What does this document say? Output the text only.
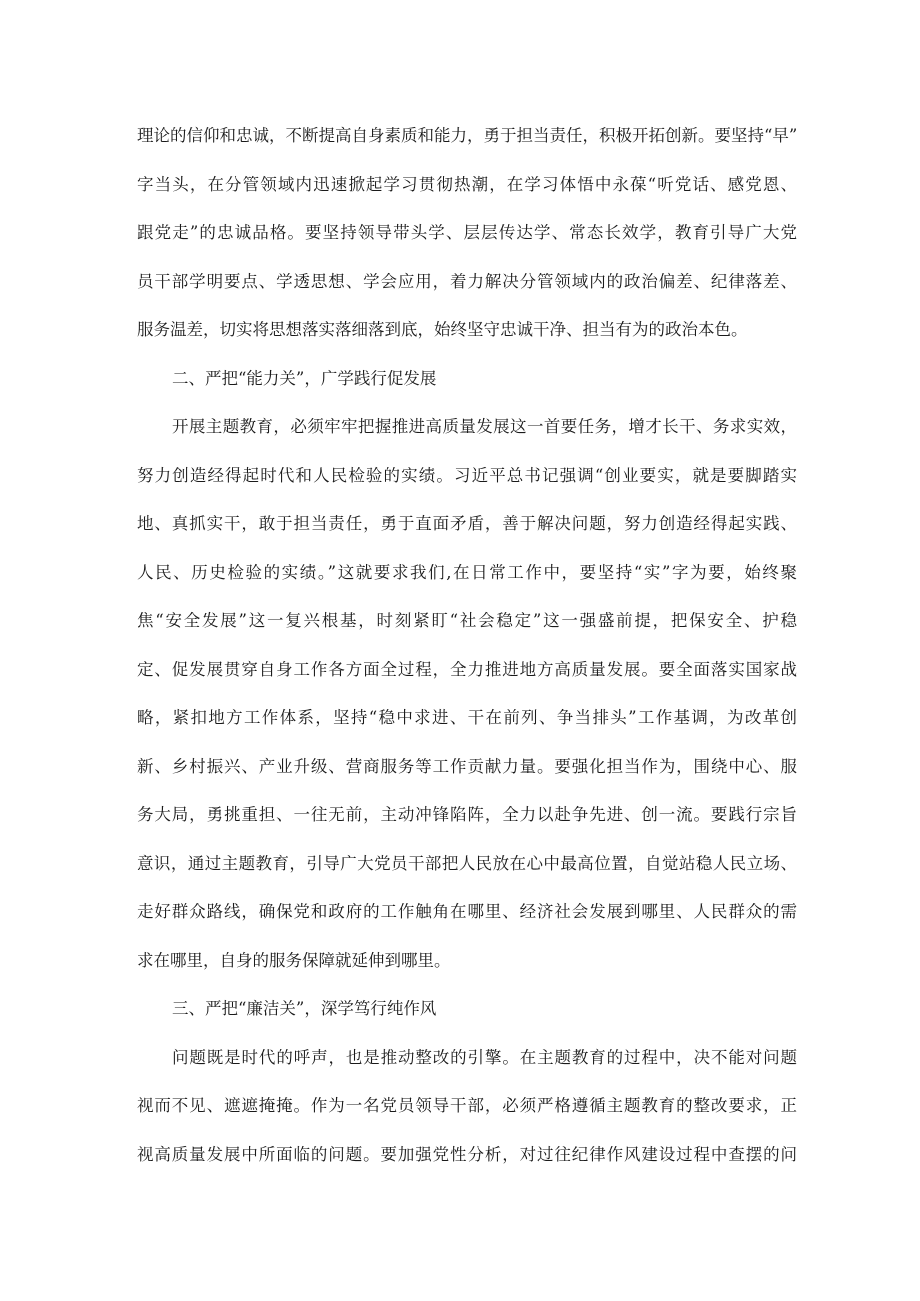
理论的信仰和忠诚，不断提高自身素质和能力，勇于担当责任，积极开拓创新。要坚持“早”
字当头，在分管领域内迅速掀起学习贯彻热潮，在学习体悟中永葆“听党话、感党恩、
跟党走”的忠诚品格。要坚持领导带头学、层层传达学、常态长效学，教育引导广大党
员干部学明要点、学透思想、学会应用，着力解决分管领域内的政治偏差、纪律落差、
服务温差，切实将思想落实落细落到底，始终坚守忠诚干净、担当有为的政治本色。
二、严把“能力关”，广学践行促发展
开展主题教育，必须牢牢把握推进高质量发展这一首要任务，增才长干、务求实效，
努力创造经得起时代和人民检验的实绩。习近平总书记强调“创业要实，就是要脚踏实
地、真抓实干，敢于担当责任，勇于直面矛盾，善于解决问题，努力创造经得起实践、
人民、历史检验的实绩。”这就要求我们,在日常工作中，要坚持“实”字为要，始终聚
焦“安全发展”这一复兴根基，时刻紧盯“社会稳定”这一强盛前提，把保安全、护稳
定、促发展贯穿自身工作各方面全过程，全力推进地方高质量发展。要全面落实国家战
略，紧扣地方工作体系，坚持“稳中求进、干在前列、争当排头”工作基调，为改革创
新、乡村振兴、产业升级、营商服务等工作贡献力量。要强化担当作为，围绕中心、服
务大局，勇挑重担、一往无前，主动冲锋陷阵，全力以赴争先进、创一流。要践行宗旨
意识，通过主题教育，引导广大党员干部把人民放在心中最高位置，自觉站稳人民立场、
走好群众路线，确保党和政府的工作触角在哪里、经济社会发展到哪里、人民群众的需
求在哪里，自身的服务保障就延伸到哪里。
三、严把“廉洁关”，深学笃行纯作风
问题既是时代的呼声，也是推动整改的引擎。在主题教育的过程中，决不能对问题
视而不见、遮遮掩掩。作为一名党员领导干部，必须严格遵循主题教育的整改要求，正
视高质量发展中所面临的问题。要加强党性分析，对过往纪律作风建设过程中查摆的问
